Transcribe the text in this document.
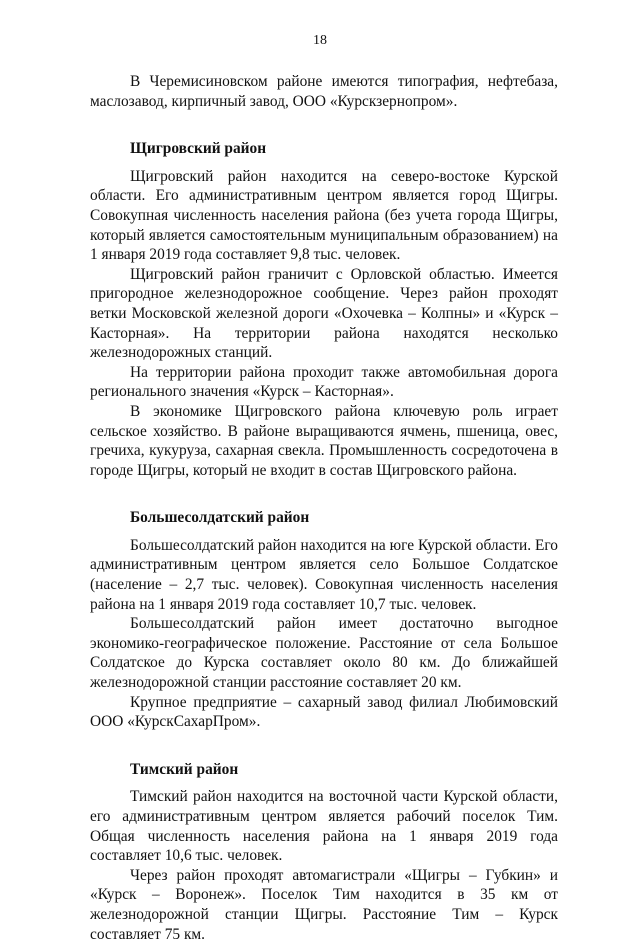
18

В Черемисиновском районе имеются типография, нефтебаза, маслозавод, кирпичный завод, ООО «Курскзернопром».

Щигровский район

Щигровский район находится на северо-востоке Курской области. Его административным центром является город Щигры. Совокупная численность населения района (без учета города Щигры, который является самостоятельным муниципальным образованием) на 1 января 2019 года составляет 9,8 тыс. человек.

Щигровский район граничит с Орловской областью. Имеется пригородное железнодорожное сообщение. Через район проходят ветки Московской железной дороги «Охочевка – Колпны» и «Курск – Касторная». На территории района находятся несколько железнодорожных станций.

На территории района проходит также автомобильная дорога регионального значения «Курск – Касторная».

В экономике Щигровского района ключевую роль играет сельское хозяйство. В районе выращиваются ячмень, пшеница, овес, гречиха, кукуруза, сахарная свекла. Промышленность сосредоточена в городе Щигры, который не входит в состав Щигровского района.

Большесолдатский район

Большесолдатский район находится на юге Курской области. Его административным центром является село Большое Солдатское (население – 2,7 тыс. человек). Совокупная численность населения района на 1 января 2019 года составляет 10,7 тыс. человек.

Большесолдатский район имеет достаточно выгодное экономико-географическое положение. Расстояние от села Большое Солдатское до Курска составляет около 80 км. До ближайшей железнодорожной станции расстояние составляет 20 км.

Крупное предприятие – сахарный завод филиал Любимовский ООО «КурскСахарПром».

Тимский район

Тимский район находится на восточной части Курской области, его административным центром является рабочий поселок Тим. Общая численность населения района на 1 января 2019 года составляет 10,6 тыс. человек.

Через район проходят автомагистрали «Щигры – Губкин» и «Курск – Воронеж». Поселок Тим находится в 35 км от железнодорожной станции Щигры. Расстояние Тим – Курск составляет 75 км.
